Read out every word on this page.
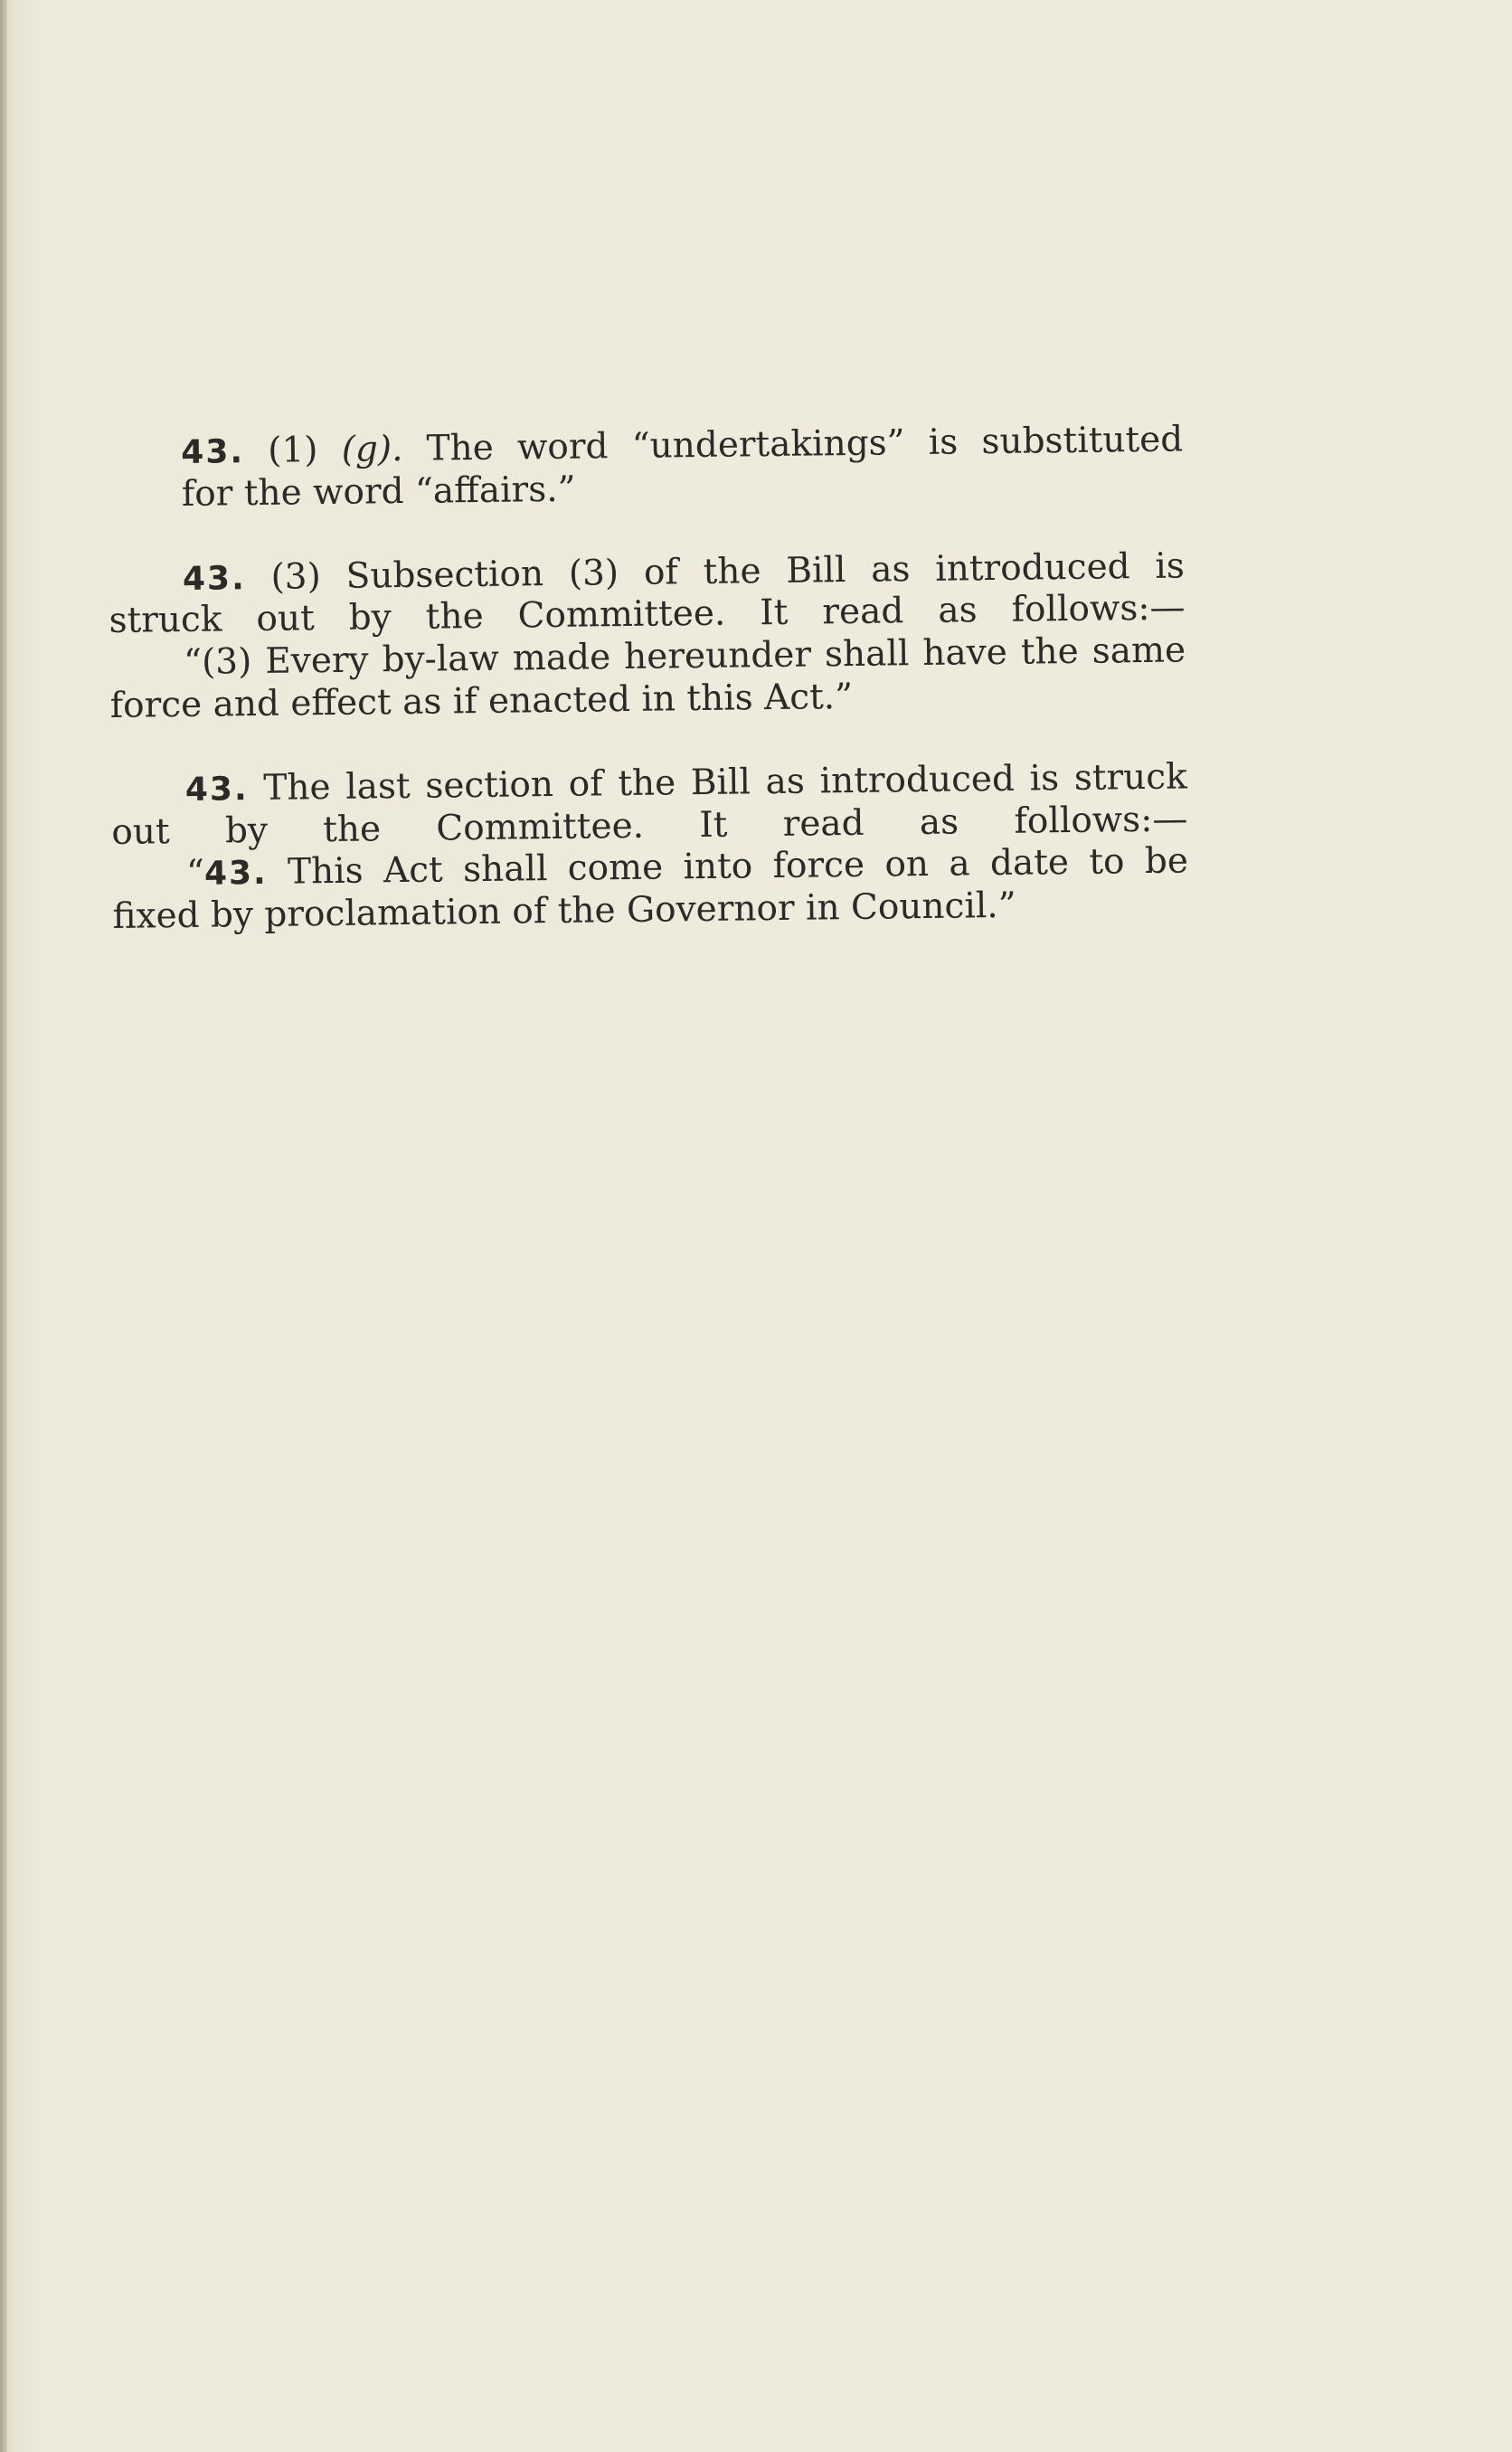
43. (1) (g). The word “undertakings” is substituted
for the word “affairs.”
43. (3) Subsection (3) of the Bill as introduced is
struck out by the Committee. It read as follows:—
“(3) Every by-law made hereunder shall have the same
force and effect as if enacted in this Act.”
43. The last section of the Bill as introduced is struck
out by the Committee. It read as follows:—
“43. This Act shall come into force on a date to be
fixed by proclamation of the Governor in Council.”
